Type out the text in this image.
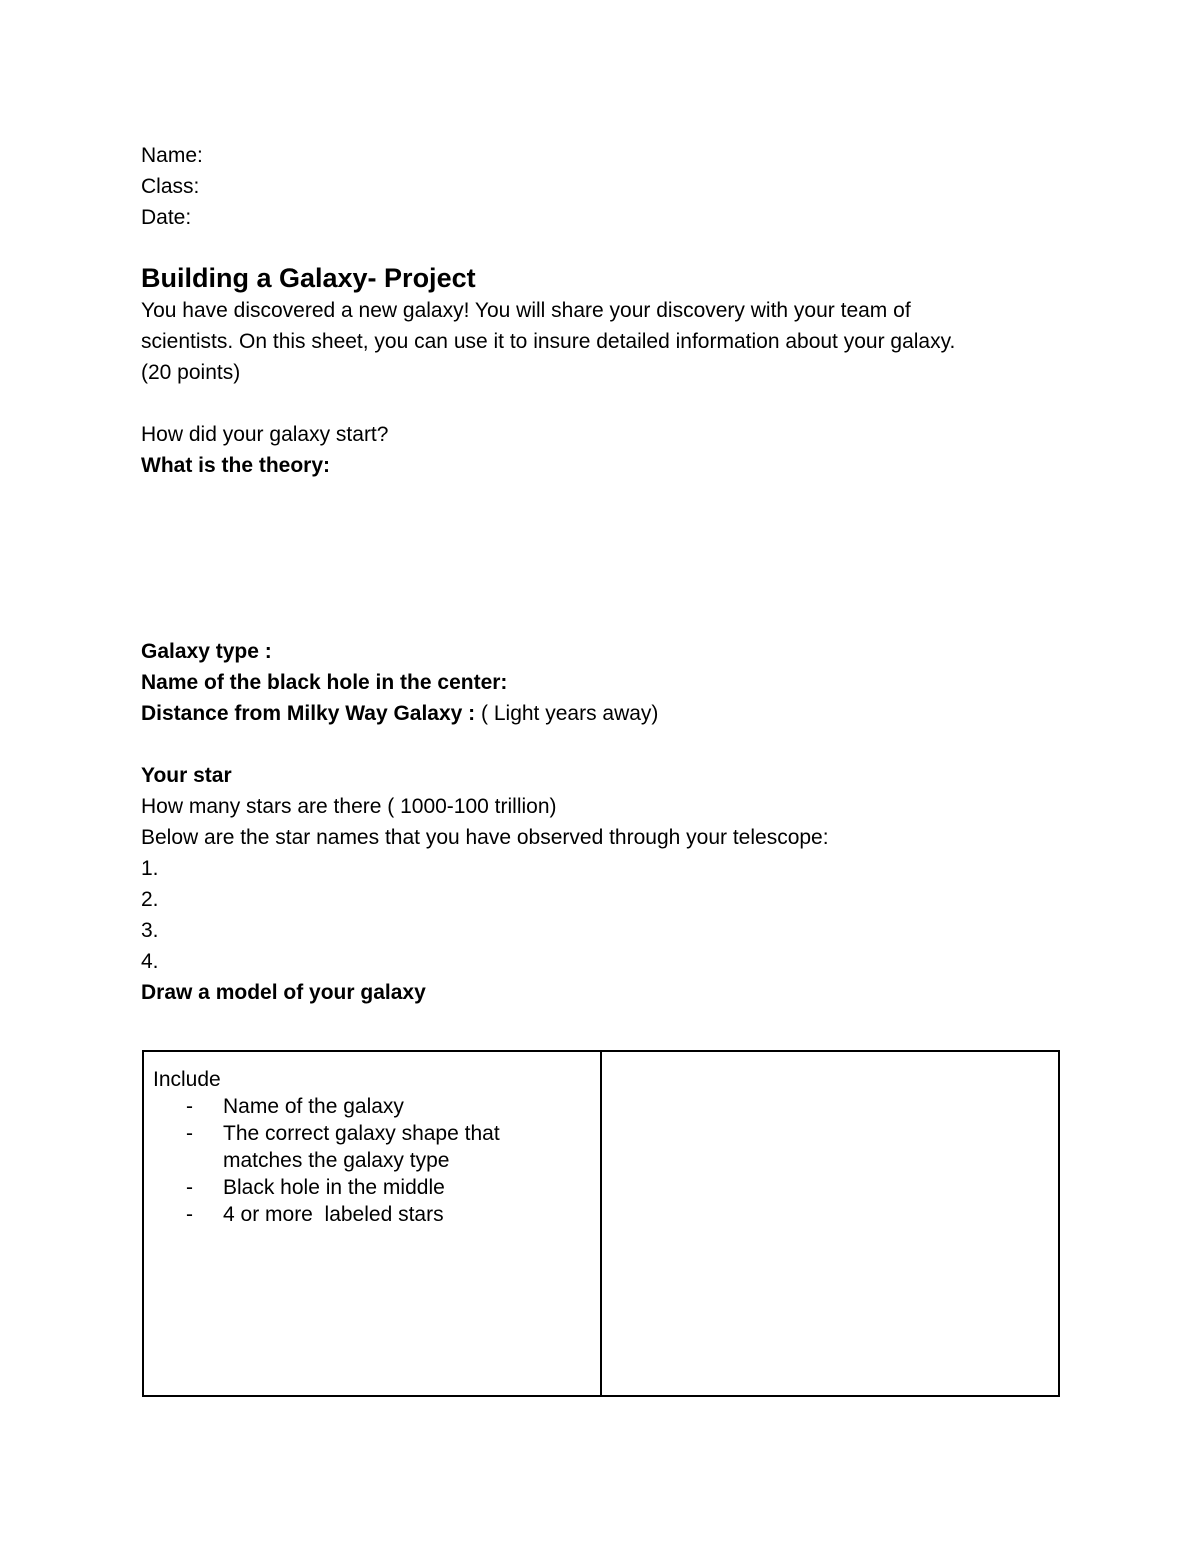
Name:

Class:

Date:

Building a Galaxy- Project

You have discovered a new galaxy! You will share your discovery with your team of

scientists. On this sheet, you can use it to insure detailed information about your galaxy.

(20 points)

How did your galaxy start?

What is the theory:

Galaxy type :

Name of the black hole in the center:

Distance from Milky Way Galaxy : ( Light years away)

Your star

How many stars are there ( 1000-100 trillion)

Below are the star names that you have observed through your telescope:

1.

2.

3.

4.

Draw a model of your galaxy

Include

-	Name of the galaxy
-	The correct galaxy shape that
matches the galaxy type
-	Black hole in the middle
-	4 or more  labeled stars
